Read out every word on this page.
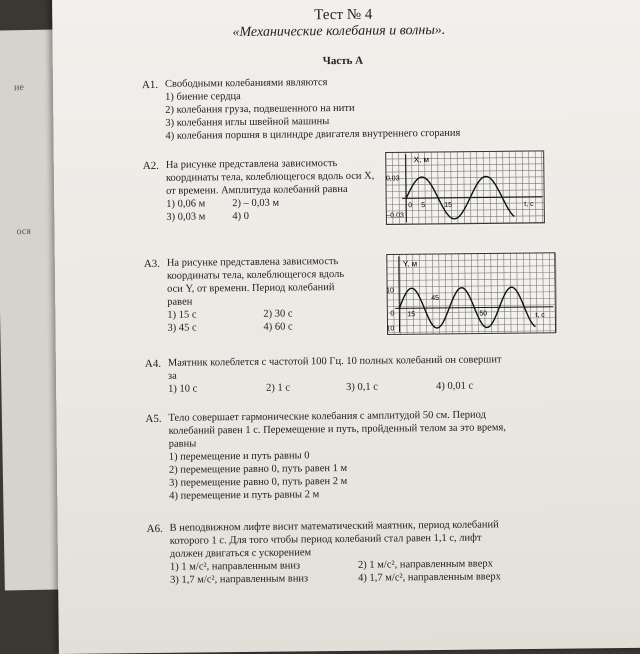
ие
ося
Тест № 4
«Механические колебания и волны».
Часть А
А1. Свободными колебаниями являются
1) биение сердца
2) колебания груза, подвешенного на нити
3) колебания иглы швейной машины
4) колебания поршня в цилиндре двигателя внутреннего сгорания
А2. На рисунке представлена зависимость
координаты тела, колеблющегося вдоль оси X,
от времени. Амплитуда колебаний равна
1) 0,06 м	2) – 0,03 м
3) 0,03 м	4) 0
X, м
0,03
–0,03
0 5	15	t, c
А3. На рисунке представлена зависимость
координаты тела, колеблющегося вдоль
оси Y, от времени. Период колебаний
равен
1) 15 с	2) 30 с
3) 45 с	4) 60 с
Y, м
10
0
10
15
45
50	t, c
А4. Маятник колеблется с частотой 100 Гц. 10 полных колебаний он совершит
за
1) 10 с	2) 1 с	3) 0,1 с	4) 0,01 с
А5. Тело совершает гармонические колебания с амплитудой 50 см. Период
колебаний равен 1 с. Перемещение и путь, пройденный телом за это время,
равны
1) перемещение и путь равны 0
2) перемещение равно 0, путь равен 1 м
3) перемещение равно 0, путь равен 2 м
4) перемещение и путь равны 2 м
А6. В неподвижном лифте висит математический маятник, период колебаний
которого 1 с. Для того чтобы период колебаний стал равен 1,1 с, лифт
должен двигаться с ускорением
1) 1 м/с², направленным вниз	2) 1 м/с², направленным вверх
3) 1,7 м/с², направленным вниз	4) 1,7 м/с², направленным вверх
